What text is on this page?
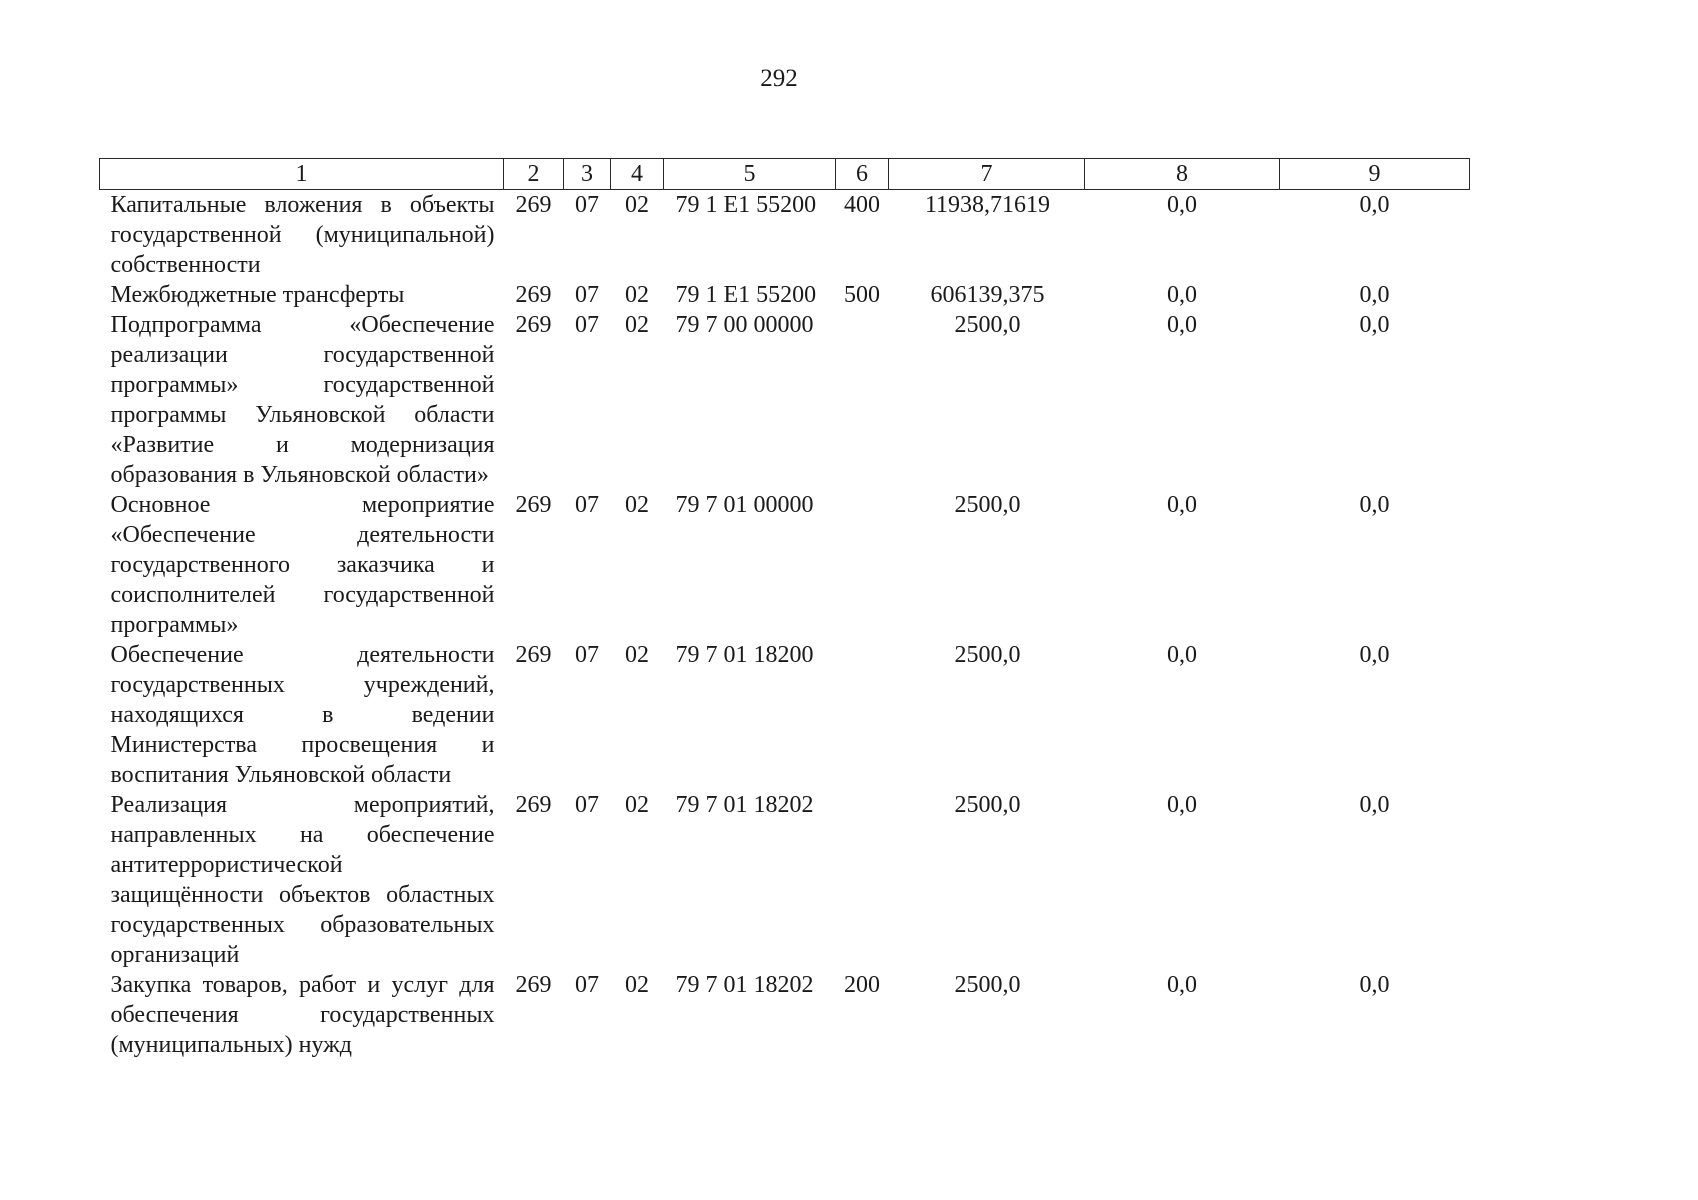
292
1	2	3	4	5	6	7	8	9
Капитальные вложения в объекты государственной (муниципальной) собственности	269	07	02	79 1 E1 55200	400	11938,71619	0,0	0,0
Межбюджетные трансферты	269	07	02	79 1 E1 55200	500	606139,375	0,0	0,0
Подпрограмма «Обеспечение реализации государственной программы» государственной программы Ульяновской области «Развитие и модернизация образования в Ульяновской области»	269	07	02	79 7 00 00000		2500,0	0,0	0,0
Основное мероприятие «Обеспечение деятельности государственного заказчика и соисполнителей государственной программы»	269	07	02	79 7 01 00000		2500,0	0,0	0,0
Обеспечение деятельности государственных учреждений, находящихся в ведении Министерства просвещения и воспитания Ульяновской области	269	07	02	79 7 01 18200		2500,0	0,0	0,0
Реализация мероприятий, направленных на обеспечение антитеррористической защищённости объектов областных государственных образовательных организаций	269	07	02	79 7 01 18202		2500,0	0,0	0,0
Закупка товаров, работ и услуг для обеспечения государственных (муниципальных) нужд	269	07	02	79 7 01 18202	200	2500,0	0,0	0,0
